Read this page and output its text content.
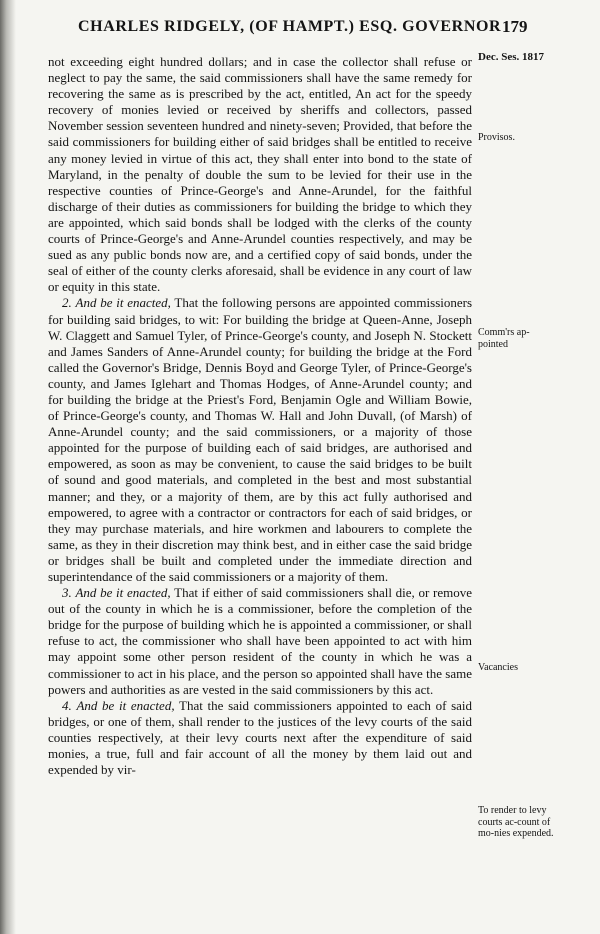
CHARLES RIDGELY, (OF HAMPT.) ESQ. GOVERNOR 179
Dec. Ses. 1817
Provisos.
Comm'rs ap-pointed
Vacancies
To render to levy courts ac-count of mo-nies expended.

not exceeding eight hundred dollars; and in case the collector shall refuse or neglect to pay the same, the said commissioners shall have the same remedy for recovering the same as is prescribed by the act, entitled, An act for the speedy recovery of monies levied or received by sheriffs and collectors, passed November session seventeen hundred and ninety-seven; Provided, that before the said commissioners for building either of said bridges shall be entitled to receive any money levied in virtue of this act, they shall enter into bond to the state of Maryland, in the penalty of double the sum to be levied for their use in the respective counties of Prince-George's and Anne-Arundel, for the faithful discharge of their duties as commissioners for building the bridge to which they are appointed, which said bonds shall be lodged with the clerks of the county courts of Prince-George's and Anne-Arundel counties respectively, and may be sued as any public bonds now are, and a certified copy of said bonds, under the seal of either of the county clerks aforesaid, shall be evidence in any court of law or equity in this state.

2. And be it enacted, That the following persons are appointed commissioners for building said bridges, to wit: For building the bridge at Queen-Anne, Joseph W. Claggett and Samuel Tyler, of Prince-George's county, and Joseph N. Stockett and James Sanders of Anne-Arundel county; for building the bridge at the Ford called the Governor's Bridge, Dennis Boyd and George Tyler, of Prince-George's county, and James Iglehart and Thomas Hodges, of Anne-Arundel county; and for building the bridge at the Priest's Ford, Benjamin Ogle and William Bowie, of Prince-George's county, and Thomas W. Hall and John Duvall, (of Marsh) of Anne-Arundel county; and the said commissioners, or a majority of those appointed for the purpose of building each of said bridges, are authorised and empowered, as soon as may be convenient, to cause the said bridges to be built of sound and good materials, and completed in the best and most substantial manner; and they, or a majority of them, are by this act fully authorised and empowered, to agree with a contractor or contractors for each of said bridges, or they may purchase materials, and hire workmen and labourers to complete the same, as they in their discretion may think best, and in either case the said bridge or bridges shall be built and completed under the immediate direction and superintendance of the said commissioners or a majority of them.

3. And be it enacted, That if either of said commissioners shall die, or remove out of the county in which he is a commissioner, before the completion of the bridge for the purpose of building which he is appointed a commissioner, or shall refuse to act, the commissioner who shall have been appointed to act with him may appoint some other person resident of the county in which he was a commissioner to act in his place, and the person so appointed shall have the same powers and authorities as are vested in the said commissioners by this act.

4. And be it enacted, That the said commissioners appointed to each of said bridges, or one of them, shall render to the justices of the levy courts of the said counties respectively, at their levy courts next after the expenditure of said monies, a true, full and fair account of all the money by them laid out and expended by vir-
